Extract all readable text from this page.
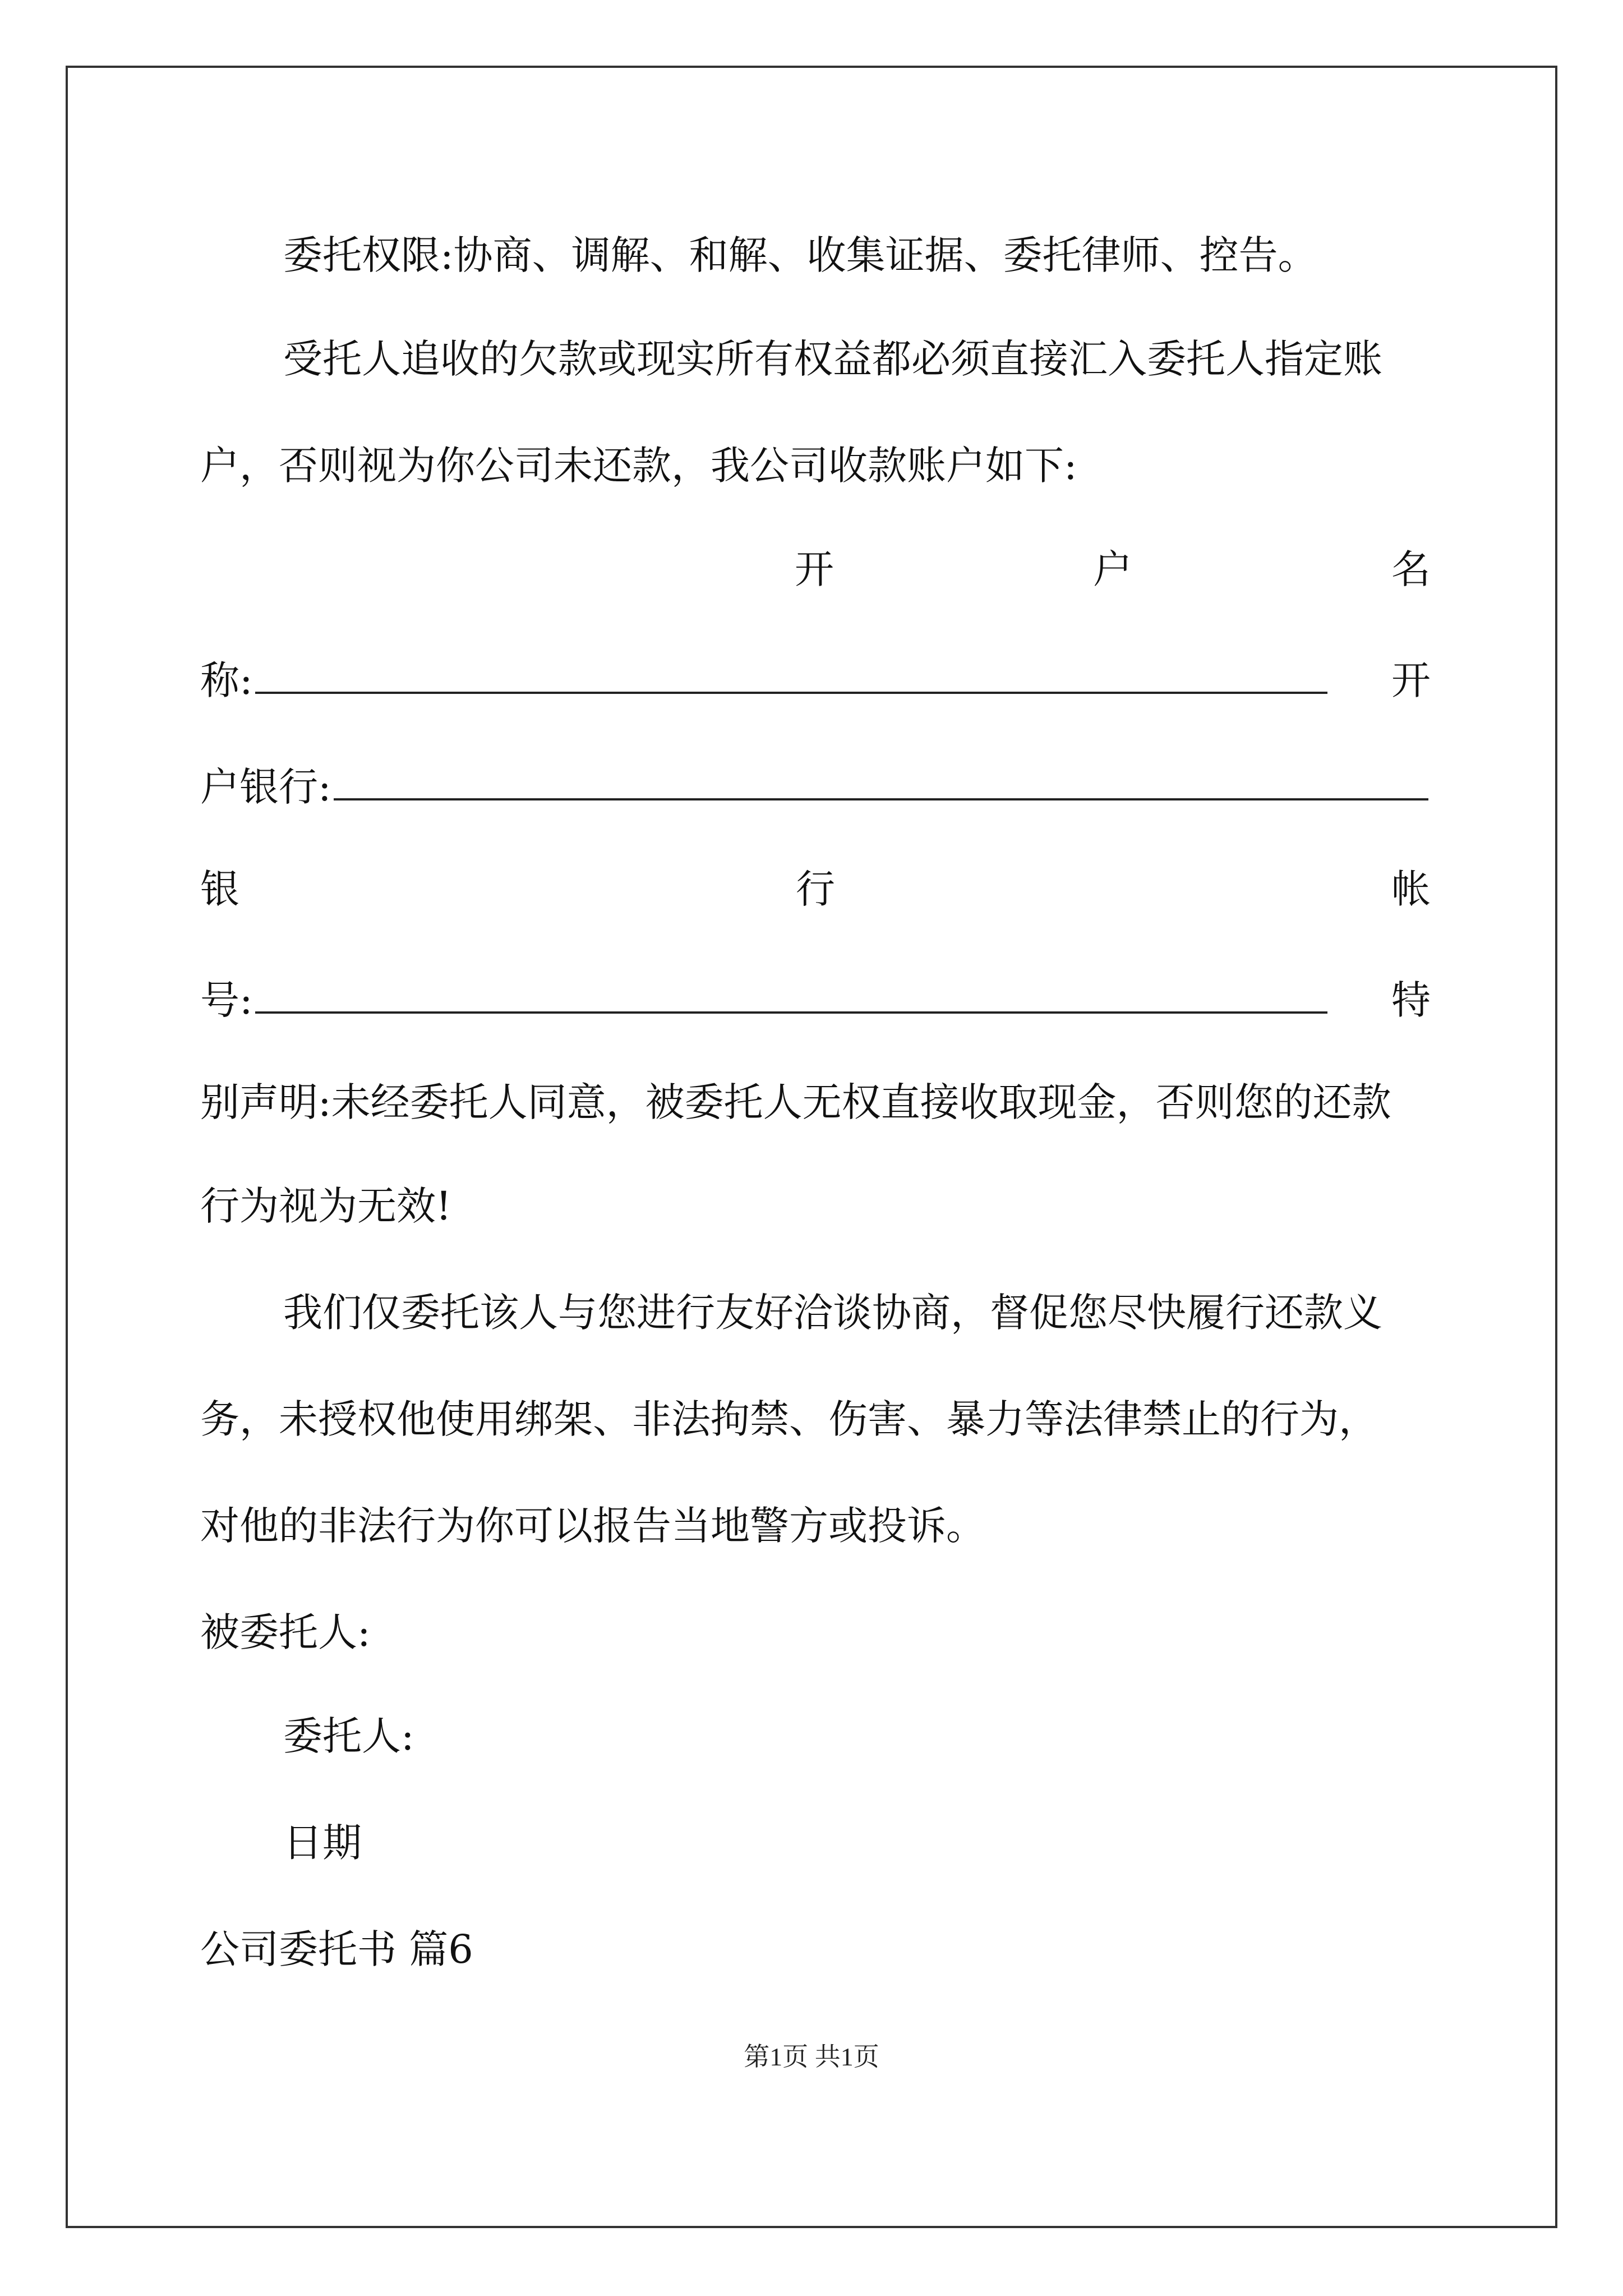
委托权限:协商、调解、和解、收集证据、委托律师、控告。
受托人追收的欠款或现实所有权益都必须直接汇入委托人指定账
户，否则视为你公司未还款，我公司收款账户如下:
开	户	名
称:	开
户银行:
银	行	帐
号:	特
别声明:未经委托人同意，被委托人无权直接收取现金，否则您的还款
行为视为无效!
我们仅委托该人与您进行友好洽谈协商，督促您尽快履行还款义
务，未授权他使用绑架、非法拘禁、伤害、暴力等法律禁止的行为，
对他的非法行为你可以报告当地警方或投诉。
被委托人:
委托人:
日期
公司委托书 篇6
第1页 共1页
